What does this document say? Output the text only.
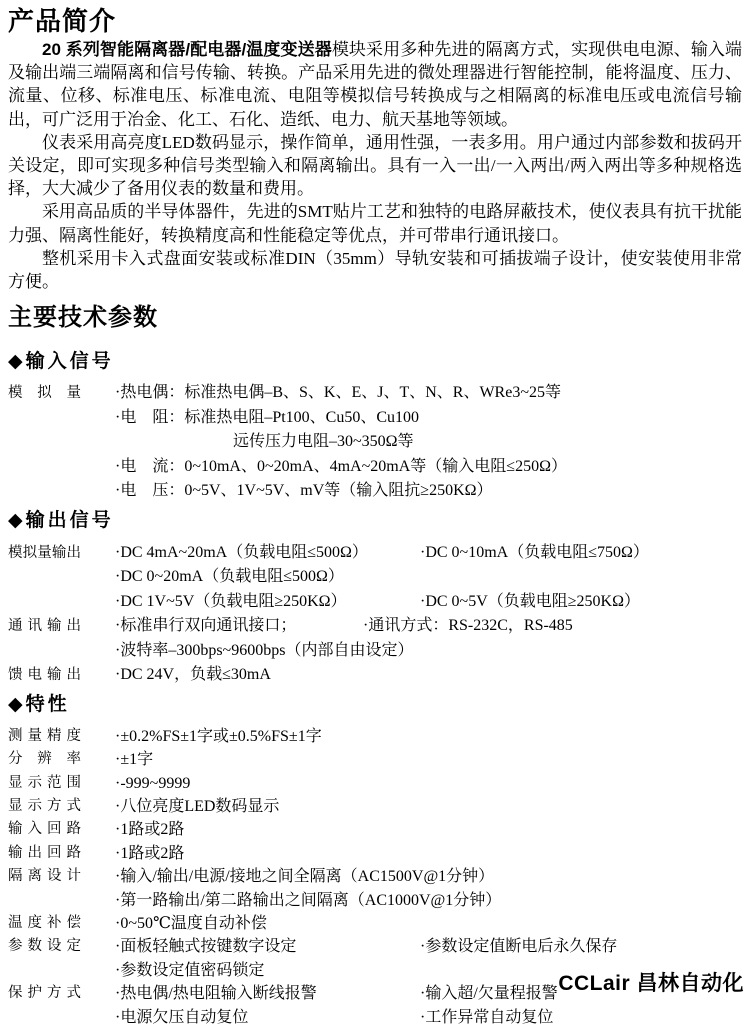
产品简介

20 系列智能隔离器/配电器/温度变送器模块采用多种先进的隔离方式，实现供电电源、输入端及输出端三端隔离和信号传输、转换。产品采用先进的微处理器进行智能控制，能将温度、压力、流量、位移、标准电压、标准电流、电阻等模拟信号转换成与之相隔离的标准电压或电流信号输出，可广泛用于冶金、化工、石化、造纸、电力、航天基地等领域。

仪表采用高亮度LED数码显示，操作简单，通用性强，一表多用。用户通过内部参数和拔码开关设定，即可实现多种信号类型输入和隔离输出。具有一入一出/一入两出/两入两出等多种规格选择，大大减少了备用仪表的数量和费用。

采用高品质的半导体器件，先进的SMT贴片工艺和独特的电路屏蔽技术，使仪表具有抗干扰能力强、隔离性能好，转换精度高和性能稳定等优点，并可带串行通讯接口。

整机采用卡入式盘面安装或标准DIN（35mm）导轨安装和可插拔端子设计，使安装使用非常方便。

主要技术参数
◆输入信号
模拟量	·热电偶：标准热电偶–B、S、K、E、J、T、N、R、WRe3~25等
·电　阻：标准热电阻–Pt100、Cu50、Cu100
远传压力电阻–30~350Ω等
·电　流：0~10mA、0~20mA、4mA~20mA等（输入电阻≤250Ω）
·电　压：0~5V、1V~5V、mV等（输入阻抗≥250KΩ）
◆输出信号
模拟量输出	·DC 4mA~20mA（负载电阻≤500Ω）	·DC 0~10mA（负载电阻≤750Ω）
·DC 0~20mA（负载电阻≤500Ω）
·DC 1V~5V（负载电阻≥250KΩ）	·DC 0~5V（负载电阻≥250KΩ）
通讯输出	·标准串行双向通讯接口；	·通讯方式：RS-232C，RS-485
·波特率–300bps~9600bps（内部自由设定）
馈电输出	·DC 24V，负载≤30mA
◆特性
测量精度	·±0.2%FS±1字或±0.5%FS±1字
分辨率	·±1字
显示范围	·-999~9999
显示方式	·八位亮度LED数码显示
输入回路	·1路或2路
输出回路	·1路或2路
隔离设计	·输入/输出/电源/接地之间全隔离（AC1500V@1分钟）
·第一路输出/第二路输出之间隔离（AC1000V@1分钟）
温度补偿	·0~50℃温度自动补偿
参数设定	·面板轻触式按键数字设定	·参数设定值断电后永久保存
·参数设定值密码锁定
保护方式	·热电偶/热电阻输入断线报警	·输入超/欠量程报警
·电源欠压自动复位	·工作异常自动复位
CCLair 昌林自动化
